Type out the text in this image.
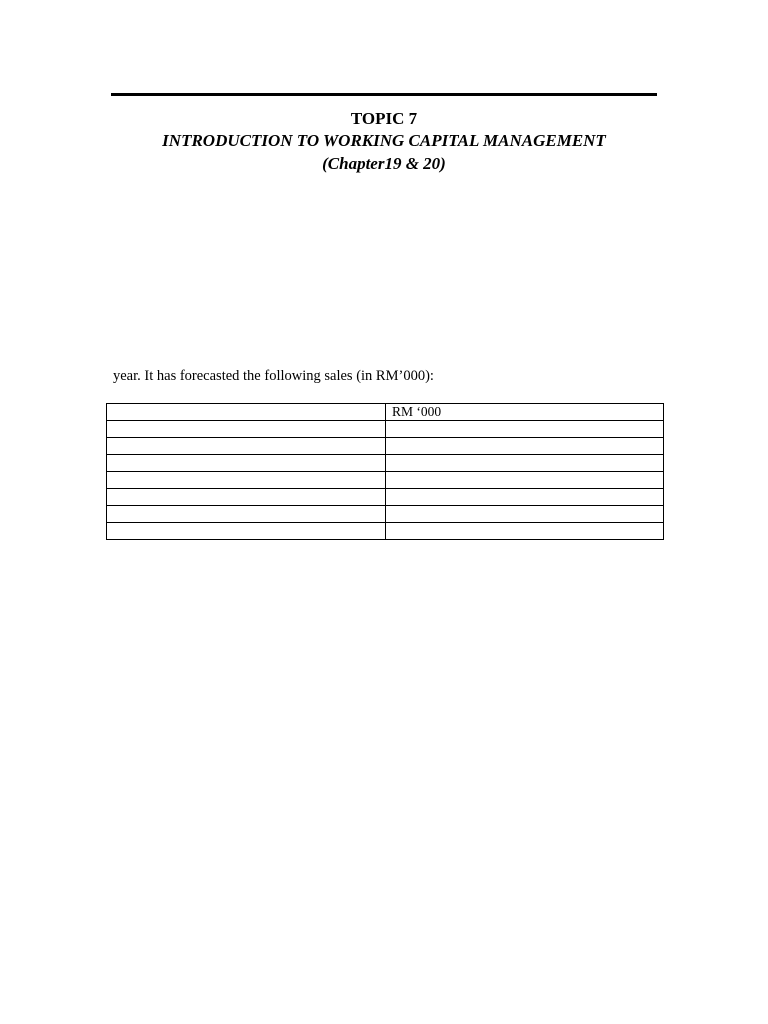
TOPIC 7
INTRODUCTION TO WORKING CAPITAL MANAGEMENT
(Chapter19 & 20)
year. It has forecasted the following sales (in RM’000):
	RM ‘000
